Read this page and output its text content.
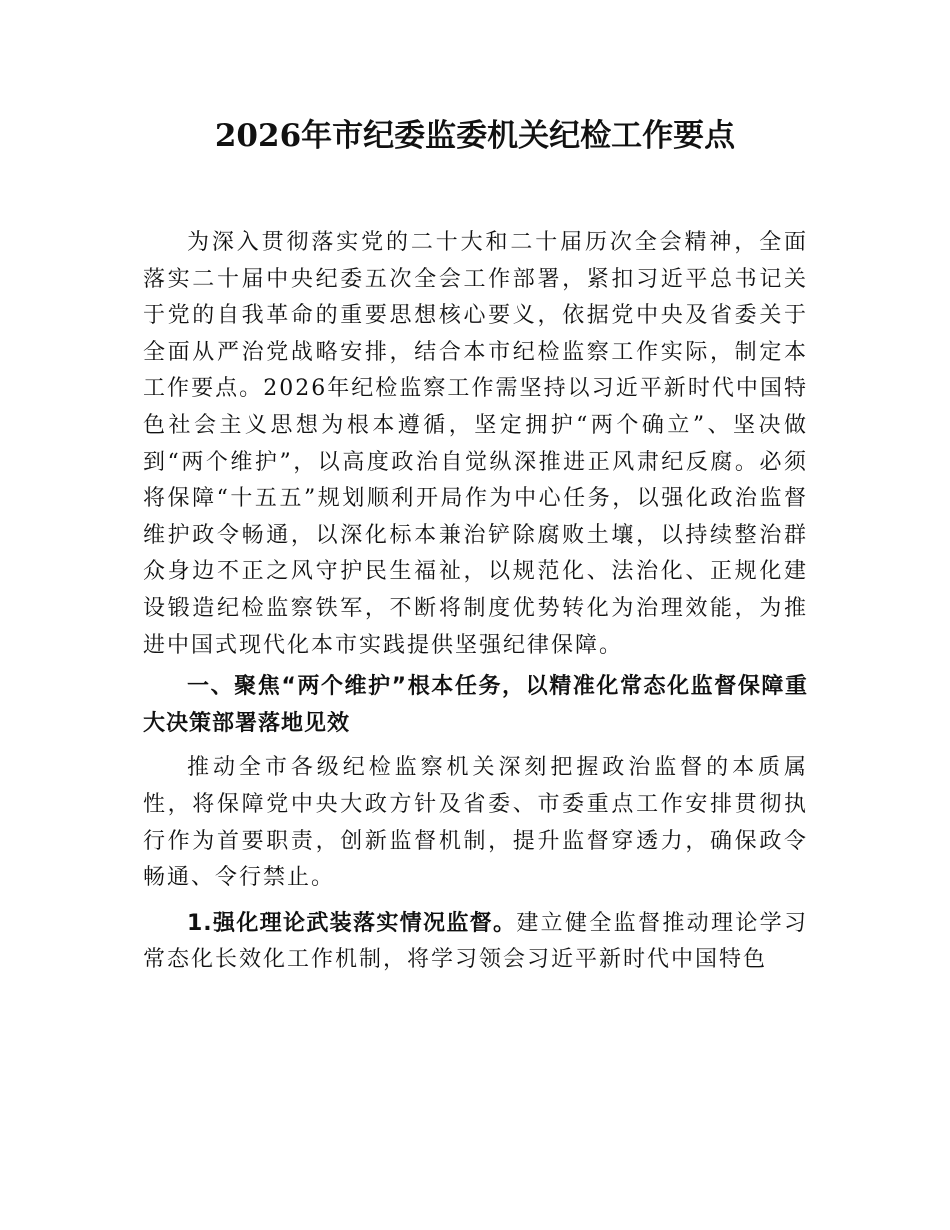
2026年市纪委监委机关纪检工作要点

为深入贯彻落实党的二十大和二十届历次全会精神，全面落实二十届中央纪委五次全会工作部署，紧扣习近平总书记关于党的自我革命的重要思想核心要义，依据党中央及省委关于全面从严治党战略安排，结合本市纪检监察工作实际，制定本工作要点。2026年纪检监察工作需坚持以习近平新时代中国特色社会主义思想为根本遵循，坚定拥护“两个确立”、坚决做到“两个维护”，以高度政治自觉纵深推进正风肃纪反腐。必须将保障“十五五”规划顺利开局作为中心任务，以强化政治监督维护政令畅通，以深化标本兼治铲除腐败土壤，以持续整治群众身边不正之风守护民生福祉，以规范化、法治化、正规化建设锻造纪检监察铁军，不断将制度优势转化为治理效能，为推进中国式现代化本市实践提供坚强纪律保障。

一、聚焦“两个维护”根本任务，以精准化常态化监督保障重大决策部署落地见效

推动全市各级纪检监察机关深刻把握政治监督的本质属性，将保障党中央大政方针及省委、市委重点工作安排贯彻执行作为首要职责，创新监督机制，提升监督穿透力，确保政令畅通、令行禁止。

1.强化理论武装落实情况监督。建立健全监督推动理论学习常态化长效化工作机制，将学习领会习近平新时代中国特色
